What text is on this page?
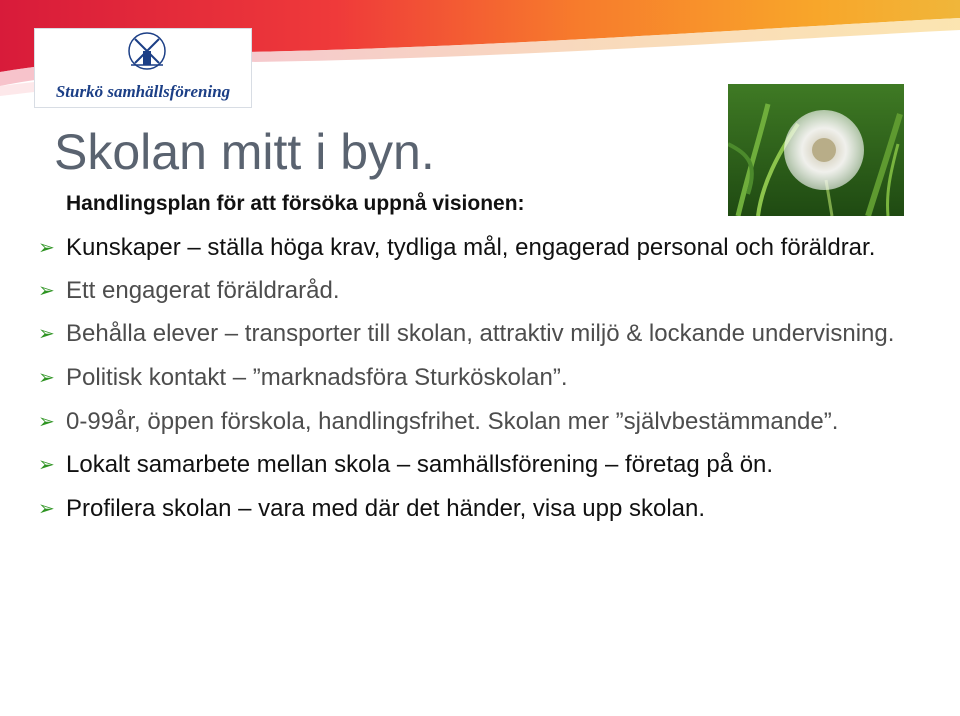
Sturkö samhällsförening
Skolan mitt i byn.
Handlingsplan för att försöka uppnå visionen:
➢ Kunskaper – ställa höga krav, tydliga mål, engagerad personal och föräldrar.
➢ Ett engagerat föräldraråd.
➢ Behålla elever – transporter till skolan, attraktiv miljö & lockande undervisning.
➢ Politisk kontakt – ”marknadsföra Sturköskolan”.
➢ 0-99år, öppen förskola, handlingsfrihet. Skolan mer ”självbestämmande”.
➢ Lokalt samarbete mellan skola – samhällsförening – företag på ön.
➢ Profilera skolan – vara med där det händer, visa upp skolan.
